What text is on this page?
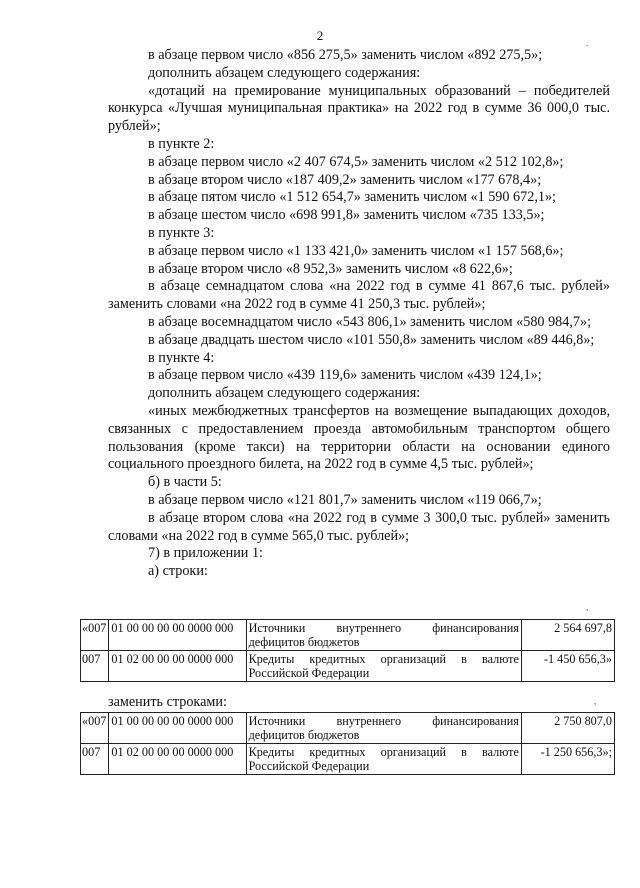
2

в абзаце первом число «856 275,5» заменить числом «892 275,5»;

дополнить абзацем следующего содержания:

«дотаций на премирование муниципальных образований – победителей конкурса «Лучшая муниципальная практика» на 2022 год в сумме 36 000,0 тыс. рублей»;

в пункте 2:

в абзаце первом число «2 407 674,5» заменить числом «2 512 102,8»;

в абзаце втором число «187 409,2» заменить числом «177 678,4»;

в абзаце пятом число «1 512 654,7» заменить числом «1 590 672,1»;

в абзаце шестом число «698 991,8» заменить числом «735 133,5»;

в пункте 3:

в абзаце первом число «1 133 421,0» заменить числом «1 157 568,6»;

в абзаце втором число «8 952,3» заменить числом «8 622,6»;

в абзаце семнадцатом слова «на 2022 год в сумме 41 867,6 тыс. рублей» заменить словами «на 2022 год в сумме 41 250,3 тыс. рублей»;

в абзаце восемнадцатом число «543 806,1» заменить числом «580 984,7»;

в абзаце двадцать шестом число «101 550,8» заменить числом «89 446,8»;

в пункте 4:

в абзаце первом число «439 119,6» заменить числом «439 124,1»;

дополнить абзацем следующего содержания:

«иных межбюджетных трансфертов на возмещение выпадающих доходов, связанных с предоставлением проезда автомобильным транспортом общего пользования (кроме такси) на территории области на основании единого социального проездного билета, на 2022 год в сумме 4,5 тыс. рублей»;

б) в части 5:

в абзаце первом число «121 801,7» заменить числом «119 066,7»;

в абзаце втором слова «на 2022 год в сумме 3 300,0 тыс. рублей» заменить словами «на 2022 год в сумме 565,0 тыс. рублей»;

7) в приложении 1:

а) строки:

«007	01 00 00 00 00 0000 000	Источники внутреннего финансирования дефицитов бюджетов	2 564 697,8
007	01 02 00 00 00 0000 000	Кредиты кредитных организаций в валюте Российской Федерации	-1 450 656,3»
заменить строками:
«007	01 00 00 00 00 0000 000	Источники внутреннего финансирования дефицитов бюджетов	2 750 807,0
007	01 02 00 00 00 0000 000	Кредиты кредитных организаций в валюте Российской Федерации	-1 250 656,3»;
.
,
,
